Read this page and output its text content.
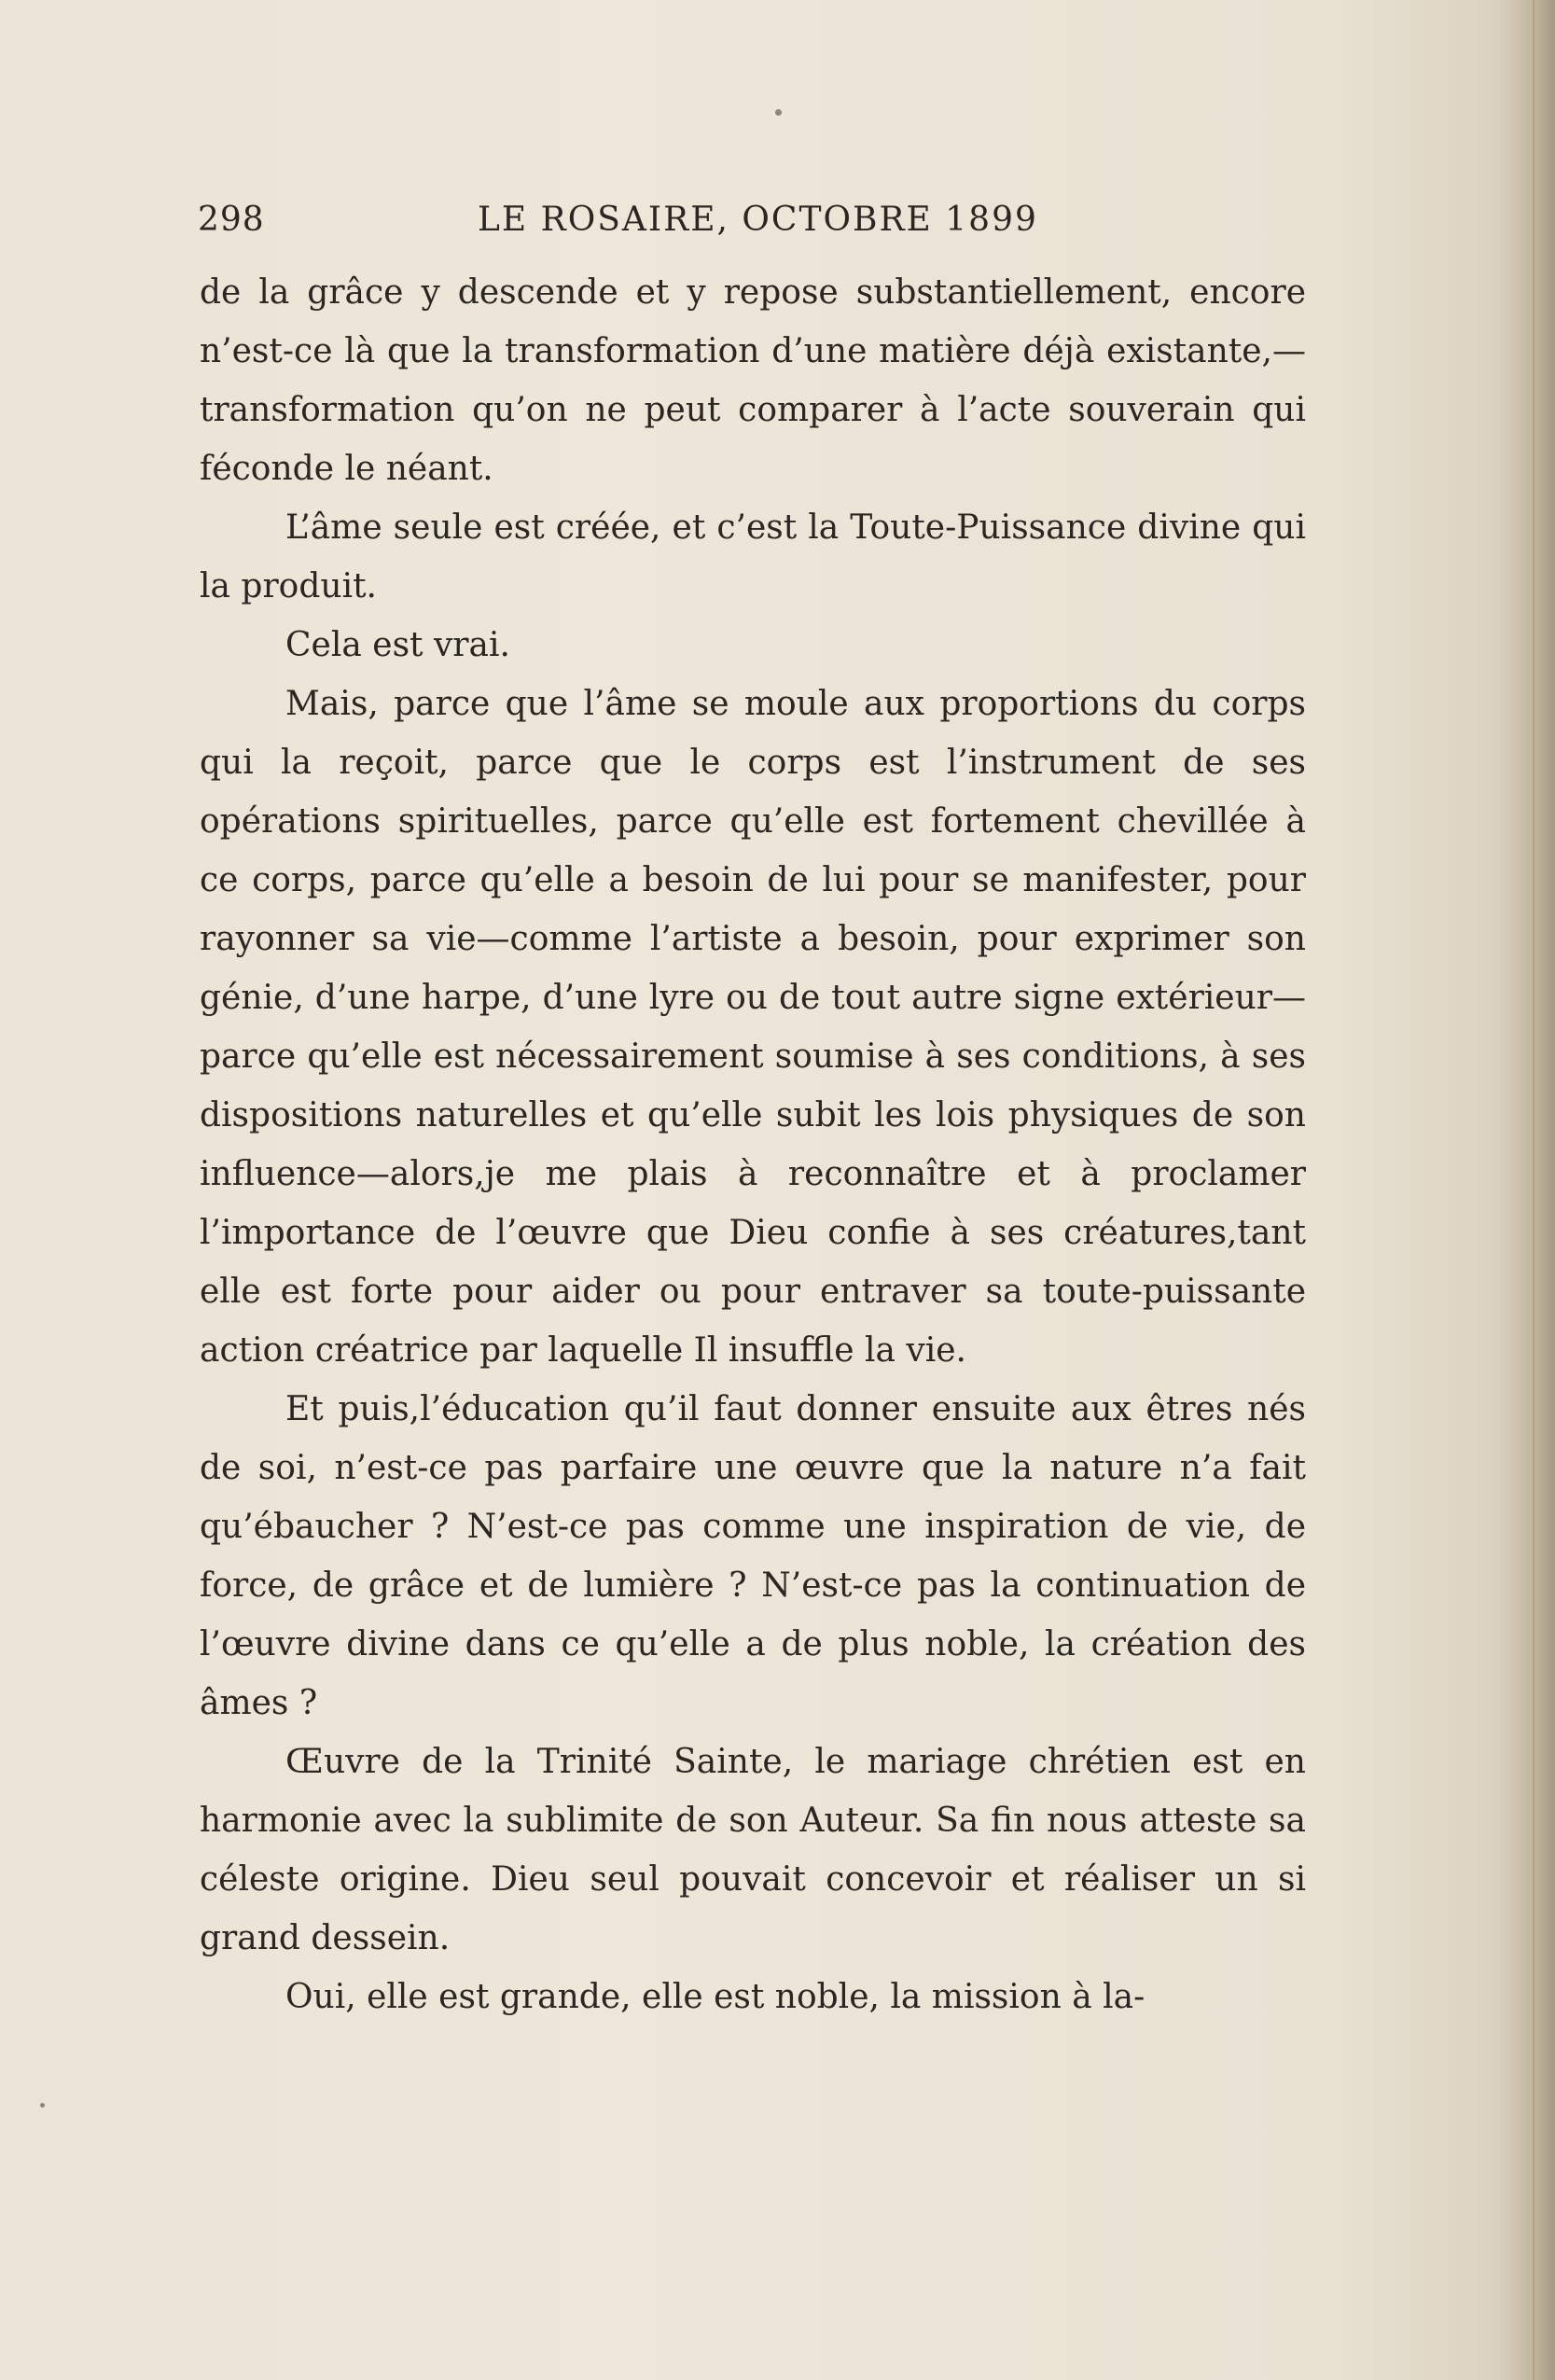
298	LE ROSAIRE, OCTOBRE 1899

de la grâce y descende et y repose substantiellement, encore n’est-ce là que la transformation d’une matière déjà existante,—transformation qu’on ne peut comparer à l’acte souverain qui féconde le néant.

L’âme seule est créée, et c’est la Toute-Puissance divine qui la produit.

Cela est vrai.

Mais, parce que l’âme se moule aux proportions du corps qui la reçoit, parce que le corps est l’instrument de ses opérations spirituelles, parce qu’elle est fortement chevillée à ce corps, parce qu’elle a besoin de lui pour se manifester, pour rayonner sa vie—comme l’artiste a besoin, pour exprimer son génie, d’une harpe, d’une lyre ou de tout autre signe extérieur—parce qu’elle est nécessairement soumise à ses conditions, à ses dispositions naturelles et qu’elle subit les lois physiques de son influence—alors,je me plais à reconnaître et à proclamer l’importance de l’œuvre que Dieu confie à ses créatures,tant elle est forte pour aider ou pour entraver sa toute-puissante action créatrice par laquelle Il insuffle la vie.

Et puis,l’éducation qu’il faut donner ensuite aux êtres nés de soi, n’est-ce pas parfaire une œuvre que la nature n’a fait qu’ébaucher ? N’est-ce pas comme une inspiration de vie, de force, de grâce et de lumière ? N’est-ce pas la continuation de l’œuvre divine dans ce qu’elle a de plus noble, la création des âmes ?

Œuvre de la Trinité Sainte, le mariage chrétien est en harmonie avec la sublimite de son Auteur. Sa fin nous atteste sa céleste origine. Dieu seul pouvait concevoir et réaliser un si grand dessein.

Oui, elle est grande, elle est noble, la mission à la-
